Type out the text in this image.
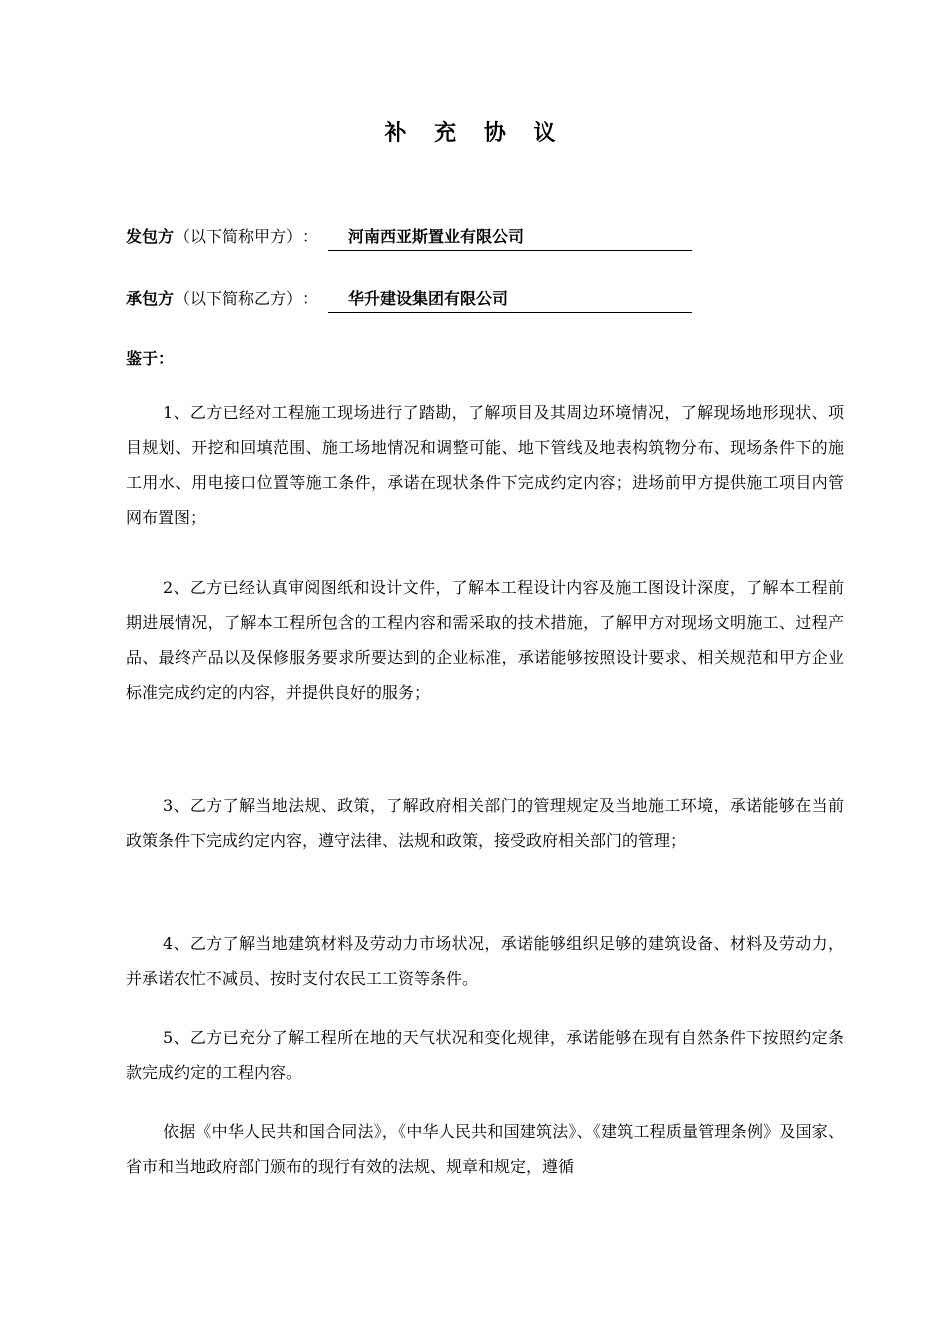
补 充 协 议
发包方 （以下简称甲方） ：	河南西亚斯置业有限公司
承包方 （以下简称乙方） ：	华升建设集团有限公司
鉴于：

1、乙方已经对工程施工现场进行了踏勘，了解项目及其周边环境情况，了解现场地形现状、项目规划、开挖和回填范围、施工场地情况和调整可能、地下管线及地表构筑物分布、现场条件下的施工用水、用电接口位置等施工条件，承诺在现状条件下完成约定内容；进场前甲方提供施工项目内管网布置图；

2、乙方已经认真审阅图纸和设计文件，了解本工程设计内容及施工图设计深度，了解本工程前期进展情况，了解本工程所包含的工程内容和需采取的技术措施，了解甲方对现场文明施工、过程产品、最终产品以及保修服务要求所要达到的企业标准，承诺能够按照设计要求、相关规范和甲方企业标准完成约定的内容，并提供良好的服务；

3、乙方了解当地法规、政策，了解政府相关部门的管理规定及当地施工环境，承诺能够在当前政策条件下完成约定内容，遵守法律、法规和政策，接受政府相关部门的管理；

4、乙方了解当地建筑材料及劳动力市场状况，承诺能够组织足够的建筑设备、材料及劳动力，并承诺农忙不减员、按时支付农民工工资等条件。

5、乙方已充分了解工程所在地的天气状况和变化规律，承诺能够在现有自然条件下按照约定条款完成约定的工程内容。

依据《中华人民共和国合同法》，《中华人民共和国建筑法》、《建筑工程质量管理条例》及国家、省市和当地政府部门颁布的现行有效的法规、规章和规定，遵循
